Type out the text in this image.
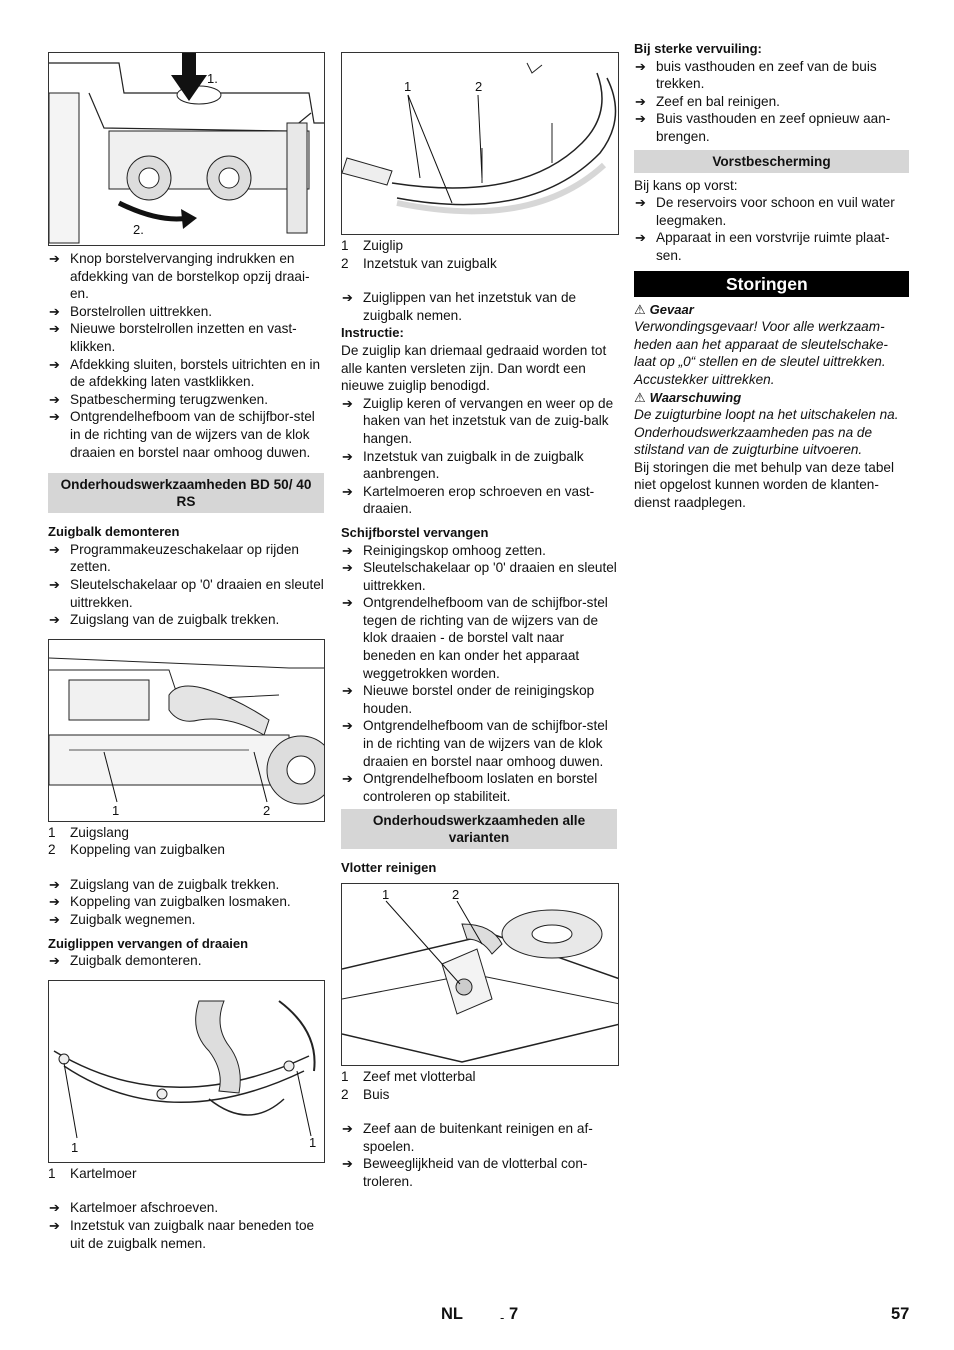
1.
2.
➔ Knop borstelvervanging indrukken en afdekking van de borstelkop opzij draai-en.
➔ Borstelrollen uittrekken.
➔ Nieuwe borstelrollen inzetten en vast-klikken.
➔ Afdekking sluiten, borstels uitrichten en in de afdekking laten vastklikken.
➔ Spatbescherming terugzwenken.
➔ Ontgrendelhefboom van de schijfbor-stel in de richting van de wijzers van de klok draaien en borstel naar omhoog duwen.
Onderhoudswerkzaamheden BD 50/ 40 RS
Zuigbalk demonteren
➔ Programmakeuzeschakelaar op rijden zetten.
➔ Sleutelschakelaar op '0' draaien en sleutel uittrekken.
➔ Zuigslang van de zuigbalk trekken.
1	2
1	Zuigslang
2	Koppeling van zuigbalken
➔ Zuigslang van de zuigbalk trekken.
➔ Koppeling van zuigbalken losmaken.
➔ Zuigbalk wegnemen.
Zuiglippen vervangen of draaien
➔ Zuigbalk demonteren.
1	1
1	Kartelmoer
➔ Kartelmoer afschroeven.
➔ Inzetstuk van zuigbalk naar beneden toe uit de zuigbalk nemen.
1	2
1	Zuiglip
2	Inzetstuk van zuigbalk
➔ Zuiglippen van het inzetstuk van de zuigbalk nemen.
Instructie:

De zuiglip kan driemaal gedraaid worden tot alle kanten versleten zijn. Dan wordt een nieuwe zuiglip benodigd.

➔ Zuiglip keren of vervangen en weer op de haken van het inzetstuk van de zuig-balk hangen.
➔ Inzetstuk van zuigbalk in de zuigbalk aanbrengen.
➔ Kartelmoeren erop schroeven en vast-draaien.
Schijfborstel vervangen
➔ Reinigingskop omhoog zetten.
➔ Sleutelschakelaar op '0' draaien en sleutel uittrekken.
➔ Ontgrendelhefboom van de schijfbor-stel tegen de richting van de wijzers van de klok draaien - de borstel valt naar beneden en kan onder het apparaat weggetrokken worden.
➔ Nieuwe borstel onder de reinigingskop houden.
➔ Ontgrendelhefboom van de schijfbor-stel in de richting van de wijzers van de klok draaien en borstel naar omhoog duwen.
➔ Ontgrendelhefboom loslaten en borstel controleren op stabiliteit.
Onderhoudswerkzaamheden alle varianten
Vlotter reinigen
1	2
1	Zeef met vlotterbal
2	Buis
➔ Zeef aan de buitenkant reinigen en af-spoelen.
➔ Beweeglijkheid van de vlotterbal con-troleren.
Bij sterke vervuiling:
➔ buis vasthouden en zeef van de buis trekken.
➔ Zeef en bal reinigen.
➔ Buis vasthouden en zeef opnieuw aan-brengen.
Vorstbescherming

Bij kans op vorst:

➔ De reservoirs voor schoon en vuil water leegmaken.
➔ Apparaat in een vorstvrije ruimte plaat-sen.
Storingen
⚠ Gevaar

Verwondingsgevaar! Voor alle werkzaam-heden aan het apparaat de sleutelschake-laat op „0“ stellen en de sleutel uittrekken. Accustekker uittrekken.

⚠ Waarschuwing

De zuigturbine loopt na het uitschakelen na. Onderhoudswerkzaamheden pas na de stilstand van de zuigturbine uitvoeren.

Bij storingen die met behulp van deze tabel niet opgelost kunnen worden de klanten-dienst raadplegen.

NL	- 7	57
